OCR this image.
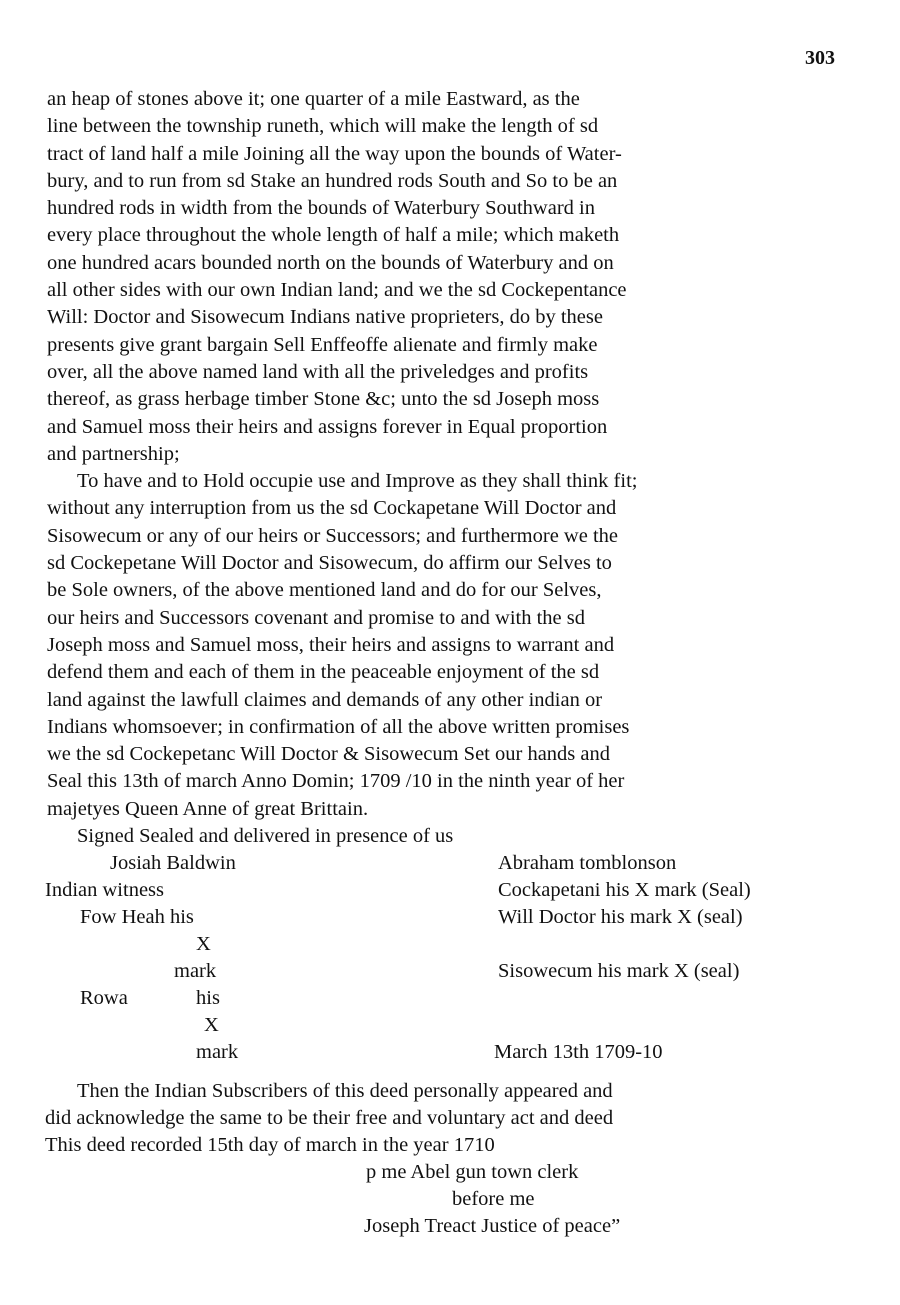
303
an heap of stones above it; one quarter of a mile Eastward, as the
line between the township runeth, which will make the length of sd
tract of land half a mile Joining all the way upon the bounds of Water-
bury, and to run from sd Stake an hundred rods South and So to be an
hundred rods in width from the bounds of Waterbury Southward in
every place throughout the whole length of half a mile; which maketh
one hundred acars bounded north on the bounds of Waterbury and on
all other sides with our own Indian land; and we the sd Cockepentance
Will: Doctor and Sisowecum Indians native proprieters, do by these
presents give grant bargain Sell Enffeoffe alienate and firmly make
over, all the above named land with all the priveledges and profits
thereof, as grass herbage timber Stone &c; unto the sd Joseph moss
and Samuel moss their heirs and assigns forever in Equal proportion
and partnership;
To have and to Hold occupie use and Improve as they shall think fit;
without any interruption from us the sd Cockapetane Will Doctor and
Sisowecum or any of our heirs or Successors; and furthermore we the
sd Cockepetane Will Doctor and Sisowecum, do affirm our Selves to
be Sole owners, of the above mentioned land and do for our Selves,
our heirs and Successors covenant and promise to and with the sd
Joseph moss and Samuel moss, their heirs and assigns to warrant and
defend them and each of them in the peaceable enjoyment of the sd
land against the lawfull claimes and demands of any other indian or
Indians whomsoever; in confirmation of all the above written promises
we the sd Cockepetanc Will Doctor & Sisowecum Set our hands and
Seal this 13th of march Anno Domin; 1709 /10 in the ninth year of her
majetyes Queen Anne of great Brittain.
Signed Sealed and delivered in presence of us
Josiah Baldwin	Abraham tomblonson
Indian witness	Cockapetani his X mark (Seal)
Fow Heah his	Will Doctor his mark X (seal)
X
mark	Sisowecum his mark X (seal)
Rowa	his
X
mark	March 13th 1709-10
Then the Indian Subscribers of this deed personally appeared and
did acknowledge the same to be their free and voluntary act and deed
This deed recorded 15th day of march in the year 1710
p me Abel gun town clerk
before me
Joseph Treact Justice of peace”
